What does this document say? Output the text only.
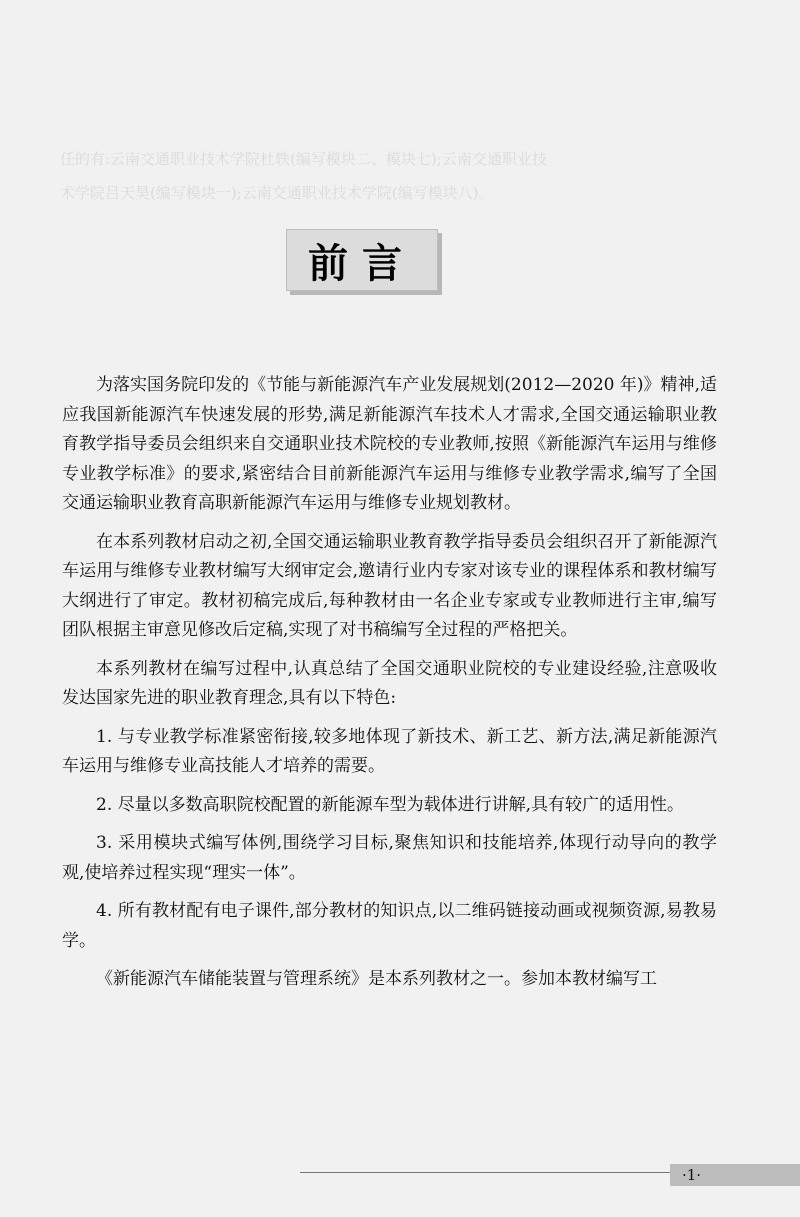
任的有:云南交通职业技术学院杜轶(编写模块二、模块七);云南交通职业技
术学院吕天昊(编写模块一);云南交通职业技术学院(编写模块八)。
前言

为落实国务院印发的《节能与新能源汽车产业发展规划(2012—2020 年)》精神,适应我国新能源汽车快速发展的形势,满足新能源汽车技术人才需求,全国交通运输职业教育教学指导委员会组织来自交通职业技术院校的专业教师,按照《新能源汽车运用与维修专业教学标准》的要求,紧密结合目前新能源汽车运用与维修专业教学需求,编写了全国交通运输职业教育高职新能源汽车运用与维修专业规划教材。

在本系列教材启动之初,全国交通运输职业教育教学指导委员会组织召开了新能源汽车运用与维修专业教材编写大纲审定会,邀请行业内专家对该专业的课程体系和教材编写大纲进行了审定。教材初稿完成后,每种教材由一名企业专家或专业教师进行主审,编写团队根据主审意见修改后定稿,实现了对书稿编写全过程的严格把关。

本系列教材在编写过程中,认真总结了全国交通职业院校的专业建设经验,注意吸收发达国家先进的职业教育理念,具有以下特色:

1. 与专业教学标准紧密衔接,较多地体现了新技术、新工艺、新方法,满足新能源汽车运用与维修专业高技能人才培养的需要。

2. 尽量以多数高职院校配置的新能源车型为载体进行讲解,具有较广的适用性。

3. 采用模块式编写体例,围绕学习目标,聚焦知识和技能培养,体现行动导向的教学观,使培养过程实现“理实一体”。

4. 所有教材配有电子课件,部分教材的知识点,以二维码链接动画或视频资源,易教易学。

《新能源汽车储能装置与管理系统》是本系列教材之一。参加本教材编写工

·1·
